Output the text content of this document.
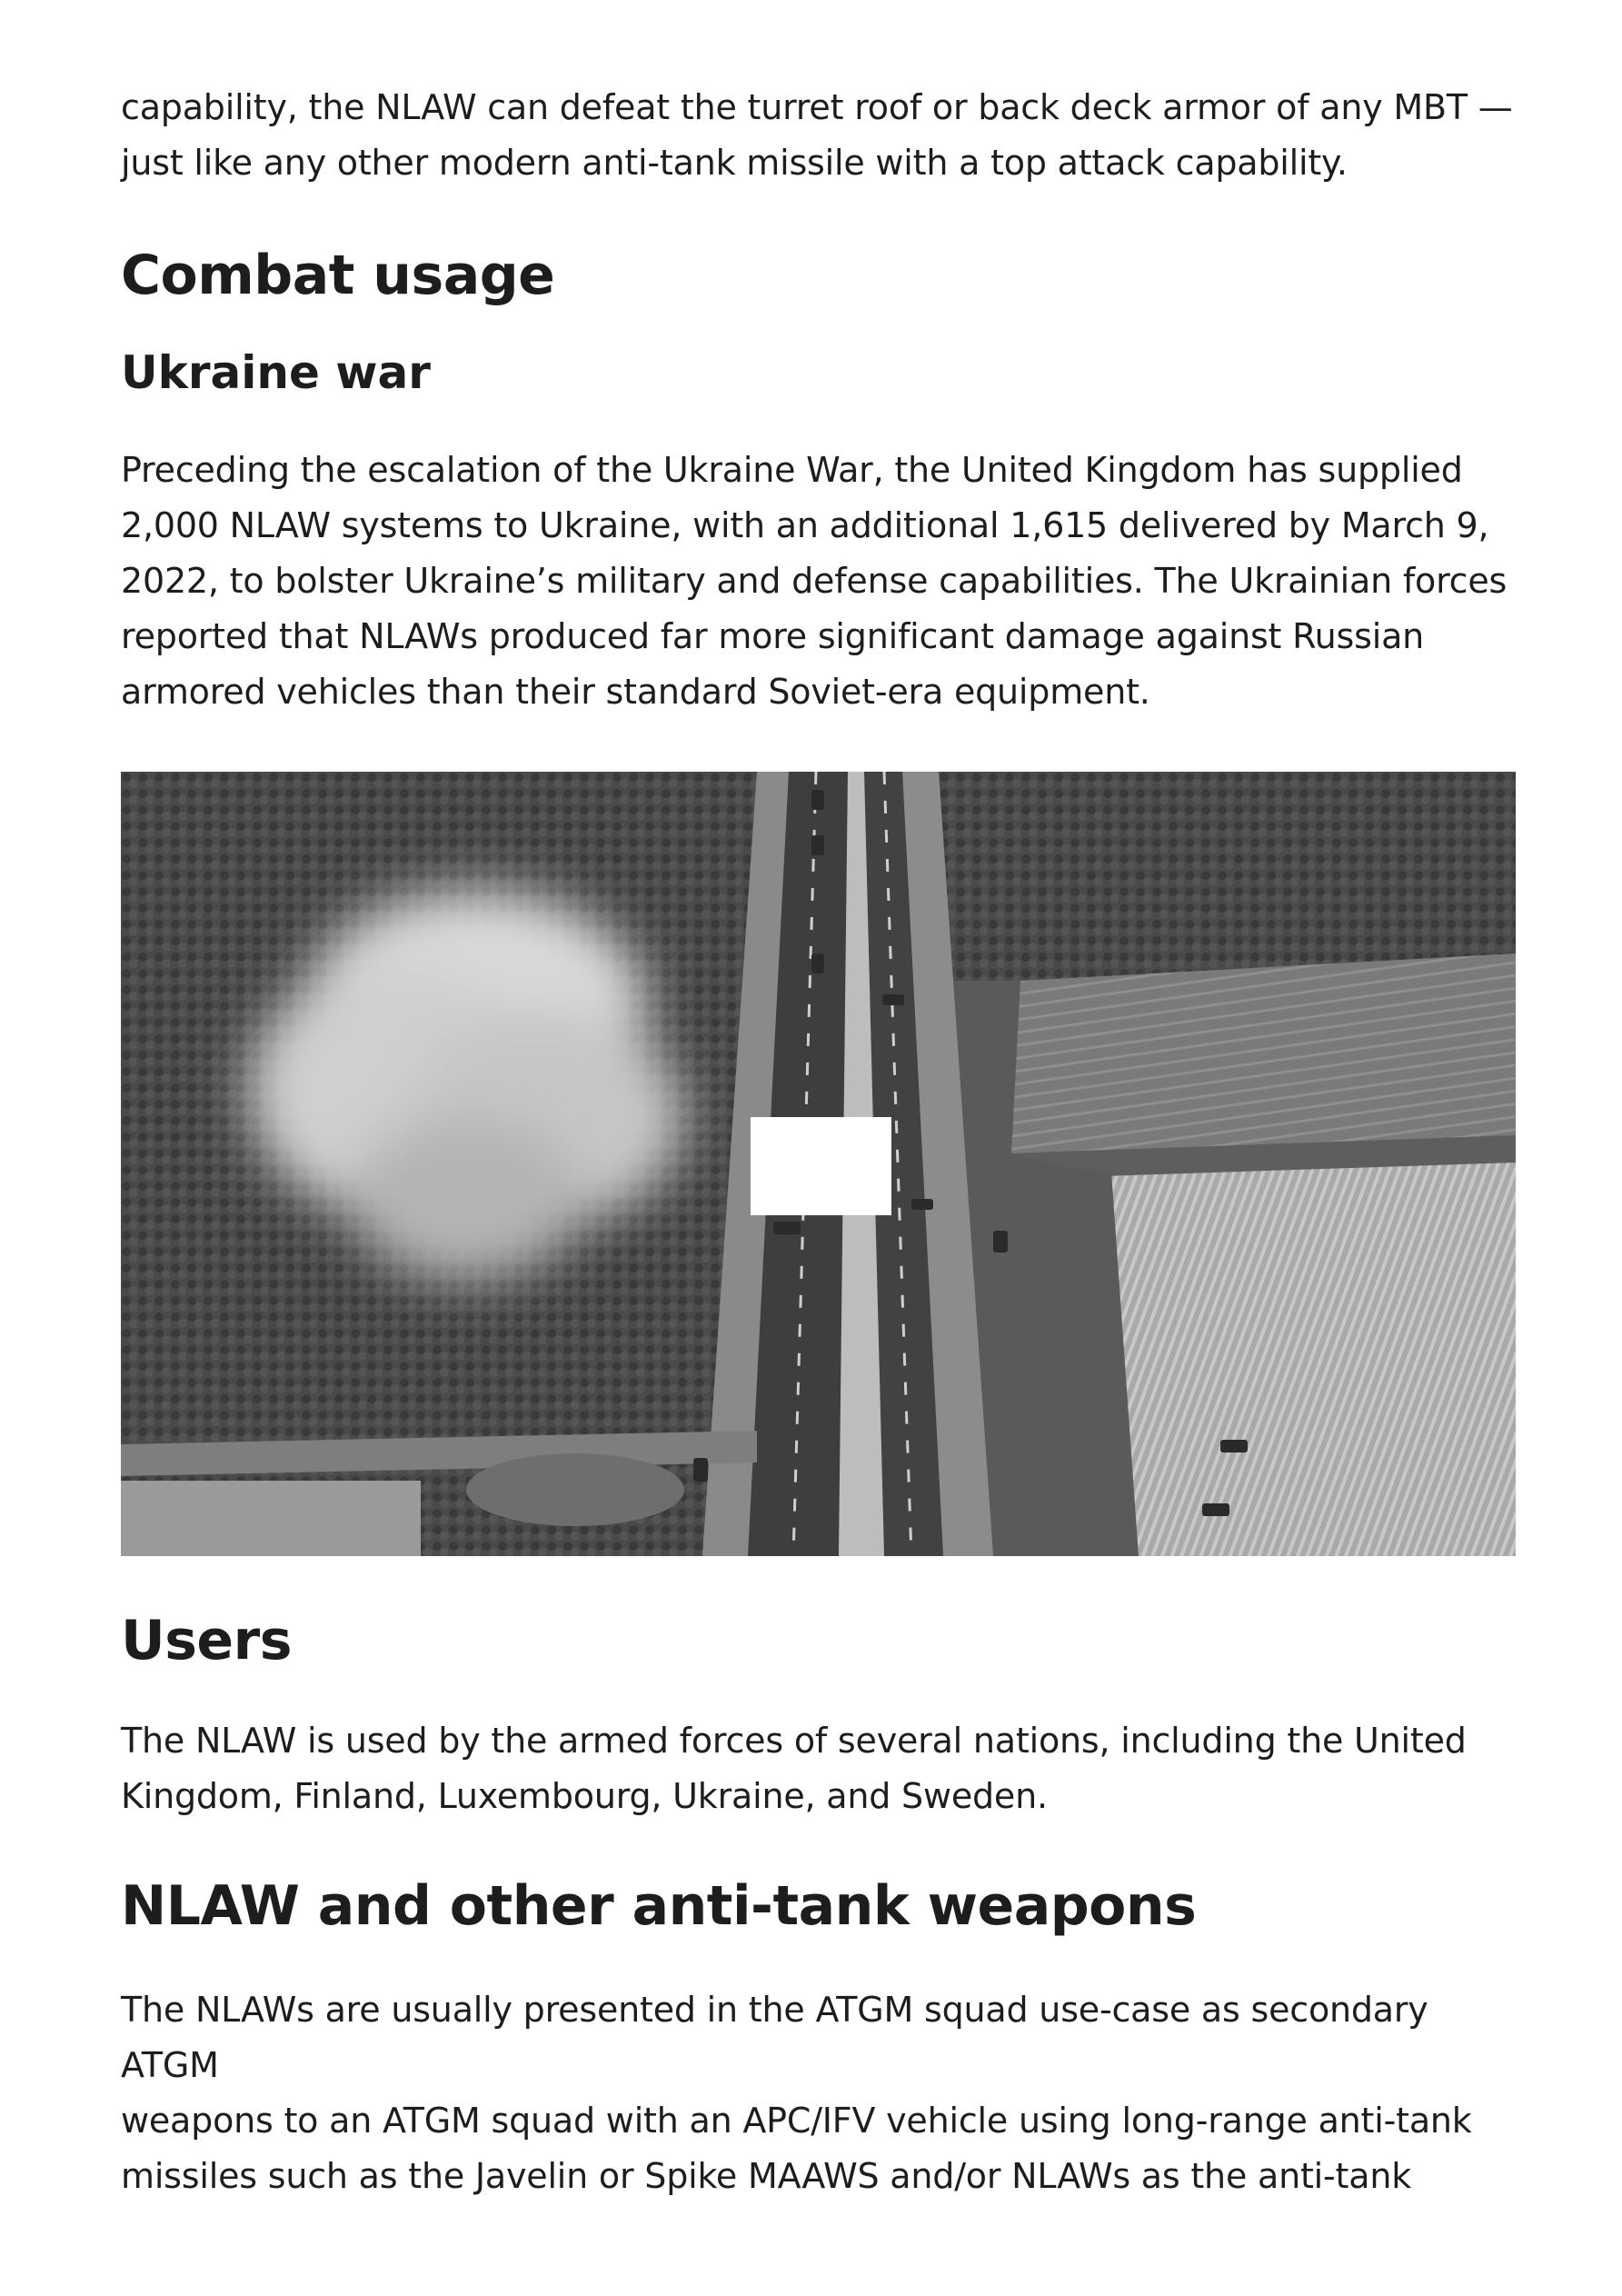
capability, the NLAW can defeat the turret roof or back deck armor of any MBT —

just like any other modern anti-tank missile with a top attack capability.

Combat usage
Ukraine war

Preceding the escalation of the Ukraine War, the United Kingdom has supplied

2,000 NLAW systems to Ukraine, with an additional 1,615 delivered by March 9,

2022, to bolster Ukraine’s military and defense capabilities. The Ukrainian forces

reported that NLAWs produced far more significant damage against Russian

armored vehicles than their standard Soviet-era equipment.

Users

The NLAW is used by the armed forces of several nations, including the United

Kingdom, Finland, Luxembourg, Ukraine, and Sweden.

NLAW and other anti-tank weapons

The NLAWs are usually presented in the ATGM squad use-case as secondary ATGM

weapons to an ATGM squad with an APC/IFV vehicle using long-range anti-tank

missiles such as the Javelin or Spike MAAWS and/or NLAWs as the anti-tank
